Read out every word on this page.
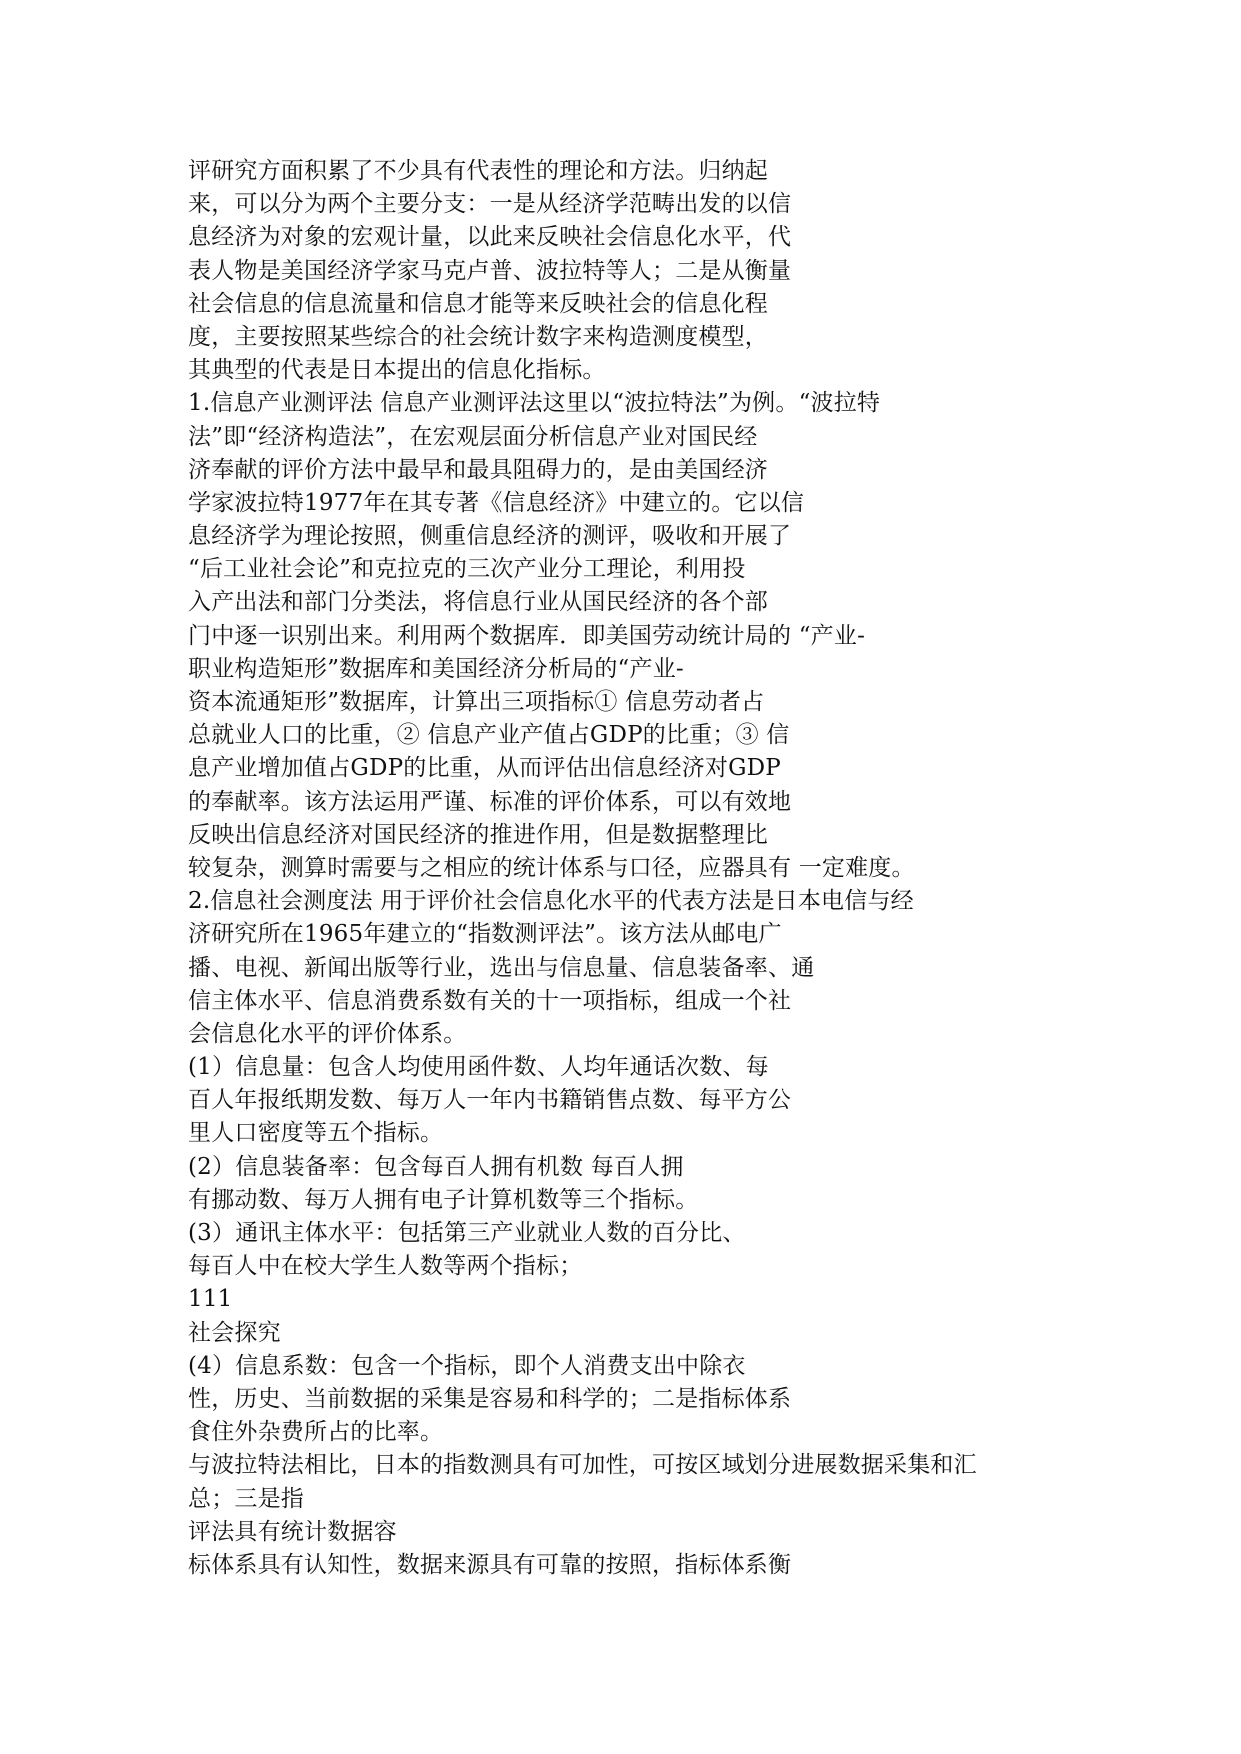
评研究方面积累了不少具有代表性的理论和方法。归纳起
来，可以分为两个主要分支：一是从经济学范畴出发的以信
息经济为对象的宏观计量，以此来反映社会信息化水平，代
表人物是美国经济学家马克卢普、波拉特等人；二是从衡量
社会信息的信息流量和信息才能等来反映社会的信息化程
度，主要按照某些综合的社会统计数字来构造测度模型，
其典型的代表是日本提出的信息化指标。
1.信息产业测评法 信息产业测评法这里以“波拉特法”为例。“波拉特
法”即“经济构造法”，在宏观层面分析信息产业对国民经
济奉献的评价方法中最早和最具阻碍力的，是由美国经济
学家波拉特1977年在其专著《信息经济》中建立的。它以信
息经济学为理论按照，侧重信息经济的测评，吸收和开展了
“后工业社会论”和克拉克的三次产业分工理论，利用投
入产出法和部门分类法，将信息行业从国民经济的各个部
门中逐一识别出来。利用两个数据库．即美国劳动统计局的 “产业-
职业构造矩形”数据库和美国经济分析局的“产业-
资本流通矩形”数据库，计算出三项指标① 信息劳动者占
总就业人口的比重，② 信息产业产值占GDP的比重；③ 信
息产业增加值占GDP的比重，从而评估出信息经济对GDP
的奉献率。该方法运用严谨、标准的评价体系，可以有效地
反映出信息经济对国民经济的推进作用，但是数据整理比
较复杂，测算时需要与之相应的统计体系与口径，应器具有 一定难度。
2.信息社会测度法 用于评价社会信息化水平的代表方法是日本电信与经
济研究所在1965年建立的“指数测评法”。该方法从邮电广
播、电视、新闻出版等行业，选出与信息量、信息装备率、通
信主体水平、信息消费系数有关的十一项指标，组成一个社
会信息化水平的评价体系。
(1）信息量：包含人均使用函件数、人均年通话次数、每
百人年报纸期发数、每万人一年内书籍销售点数、每平方公
里人口密度等五个指标。
(2）信息装备率：包含每百人拥有机数 每百人拥
有挪动数、每万人拥有电子计算机数等三个指标。
(3）通讯主体水平：包括第三产业就业人数的百分比、
每百人中在校大学生人数等两个指标；
111
社会探究
(4）信息系数：包含一个指标，即个人消费支出中除衣
性，历史、当前数据的采集是容易和科学的；二是指标体系
食住外杂费所占的比率。
与波拉特法相比，日本的指数测具有可加性，可按区域划分进展数据采集和汇
总；三是指
评法具有统计数据容
标体系具有认知性，数据来源具有可靠的按照，指标体系衡
